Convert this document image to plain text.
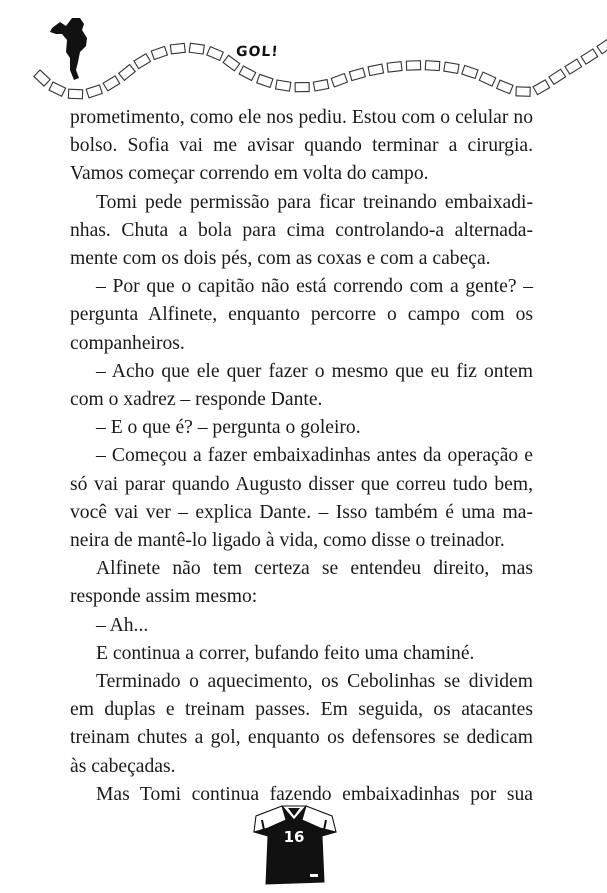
GOL!

prometimento, como ele nos pediu. Estou com o celular no bolso. Sofia vai me avisar quando terminar a cirurgia. Vamos começar correndo em volta do campo.

Tomi pede permissão para ficar treinando embaixadinhas. Chuta a bola para cima controlando-a alternadamente com os dois pés, com as coxas e com a cabeça.

– Por que o capitão não está correndo com a gente? – pergunta Alfinete, enquanto percorre o campo com os companheiros.

– Acho que ele quer fazer o mesmo que eu fiz ontem com o xadrez – responde Dante.

– E o que é? – pergunta o goleiro.

– Começou a fazer embaixadinhas antes da operação e só vai parar quando Augusto disser que correu tudo bem, você vai ver – explica Dante. – Isso também é uma maneira de mantê-lo ligado à vida, como disse o treinador.

Alfinete não tem certeza se entendeu direito, mas responde assim mesmo:

– Ah...

E continua a correr, bufando feito uma chaminé.

Terminado o aquecimento, os Cebolinhas se dividem em duplas e treinam passes. Em seguida, os atacantes treinam chutes a gol, enquanto os defensores se dedicam às cabeçadas.

Mas Tomi continua fazendo embaixadinhas por sua

16
